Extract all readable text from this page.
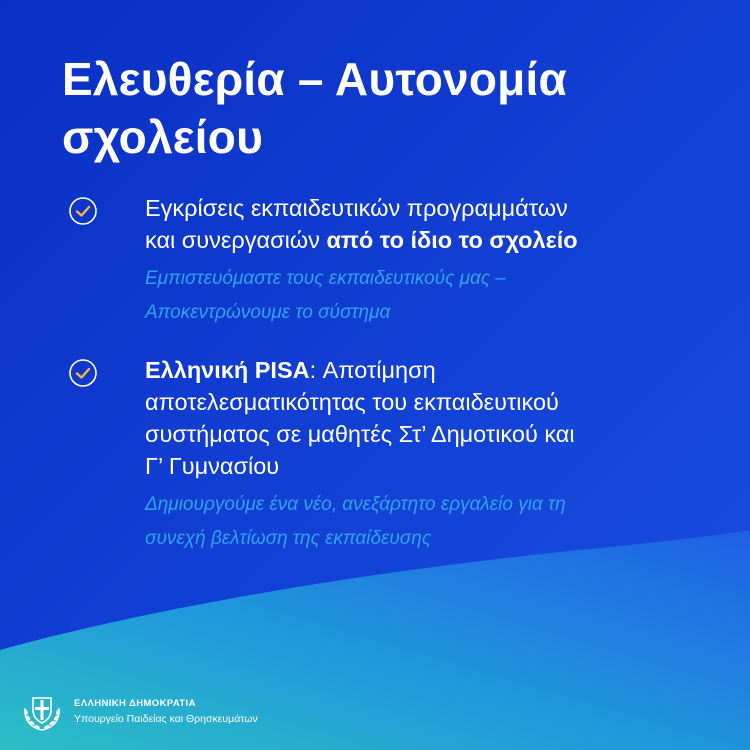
Ελευθερία – Αυτονομία
σχολείου
Εγκρίσεις εκπαιδευτικών προγραμμάτων
και συνεργασιών από το ίδιο το σχολείο
Εμπιστευόμαστε τους εκπαιδευτικούς μας –
Αποκεντρώνουμε το σύστημα
Ελληνική PISA: Αποτίμηση
αποτελεσματικότητας του εκπαιδευτικού
συστήματος σε μαθητές Στ’ Δημοτικού και
Γ’ Γυμνασίου
Δημιουργούμε ένα νέο, ανεξάρτητο εργαλείο για τη
συνεχή βελτίωση της εκπαίδευσης
ΕΛΛΗΝΙΚΗ ΔΗΜΟΚΡΑΤΙΑ
Υπουργείο Παιδείας και Θρησκευμάτων
